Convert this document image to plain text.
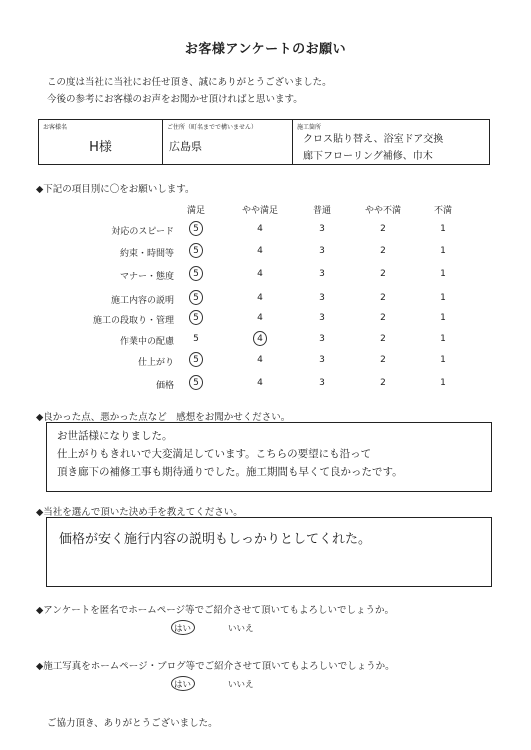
お客様アンケートのお願い
この度は当社に当社にお任せ頂き、誠にありがとうございました。
今後の参考にお客様のお声をお聞かせ頂ければと思います。
お客様名
H様
ご住所（町名までで構いません）
広島県
施工箇所
クロス貼り替え、浴室ドア交換
廊下フローリング補修、巾木
◆下記の項目別に〇をお願いします。
満足	やや満足	普通	やや不満	不満
対応のスピード	5	4	3	2	1
約束・時間等	5	4	3	2	1
マナー・態度	5	4	3	2	1
施工内容の説明	5	4	3	2	1
施工の段取り・管理	5	4	3	2	1
作業中の配慮	5	4	3	2	1
仕上がり	5	4	3	2	1
価格	5	4	3	2	1
◆良かった点、悪かった点など　感想をお聞かせください。
お世話様になりました。
仕上がりもきれいで大変満足しています。こちらの要望にも沿って
頂き廊下の補修工事も期待通りでした。施工期間も早くて良かったです。
◆当社を選んで頂いた決め手を教えてください。
価格が安く施行内容の説明もしっかりとしてくれた。
◆アンケートを匿名でホームページ等でご紹介させて頂いてもよろしいでしょうか。
はい	いいえ
◆施工写真をホームページ・ブログ等でご紹介させて頂いてもよろしいでしょうか。
はい	いいえ
ご協力頂き、ありがとうございました。
